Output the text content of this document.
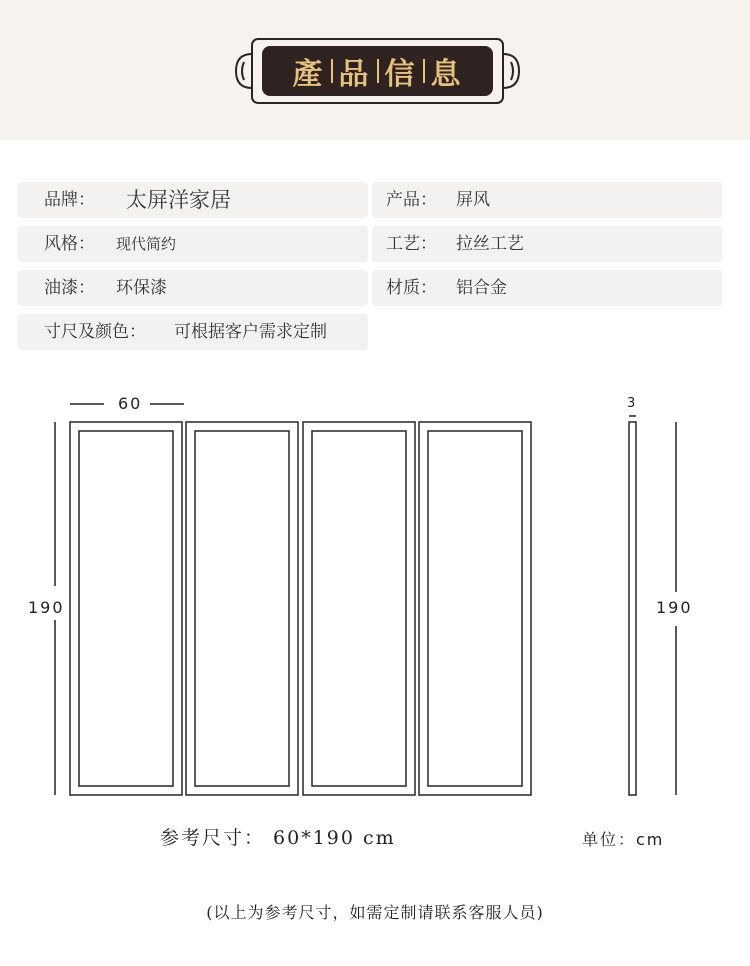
產 品 信 息
品牌： 太屏洋家居	产品： 屏风
风格： 现代简约	工艺： 拉丝工艺
油漆： 环保漆	材质： 铝合金
寸尺及颜色： 可根据客户需求定制
60
190
3
190
参考尺寸： 60*190 cm	单位：cm
(以上为参考尺寸，如需定制请联系客服人员)
